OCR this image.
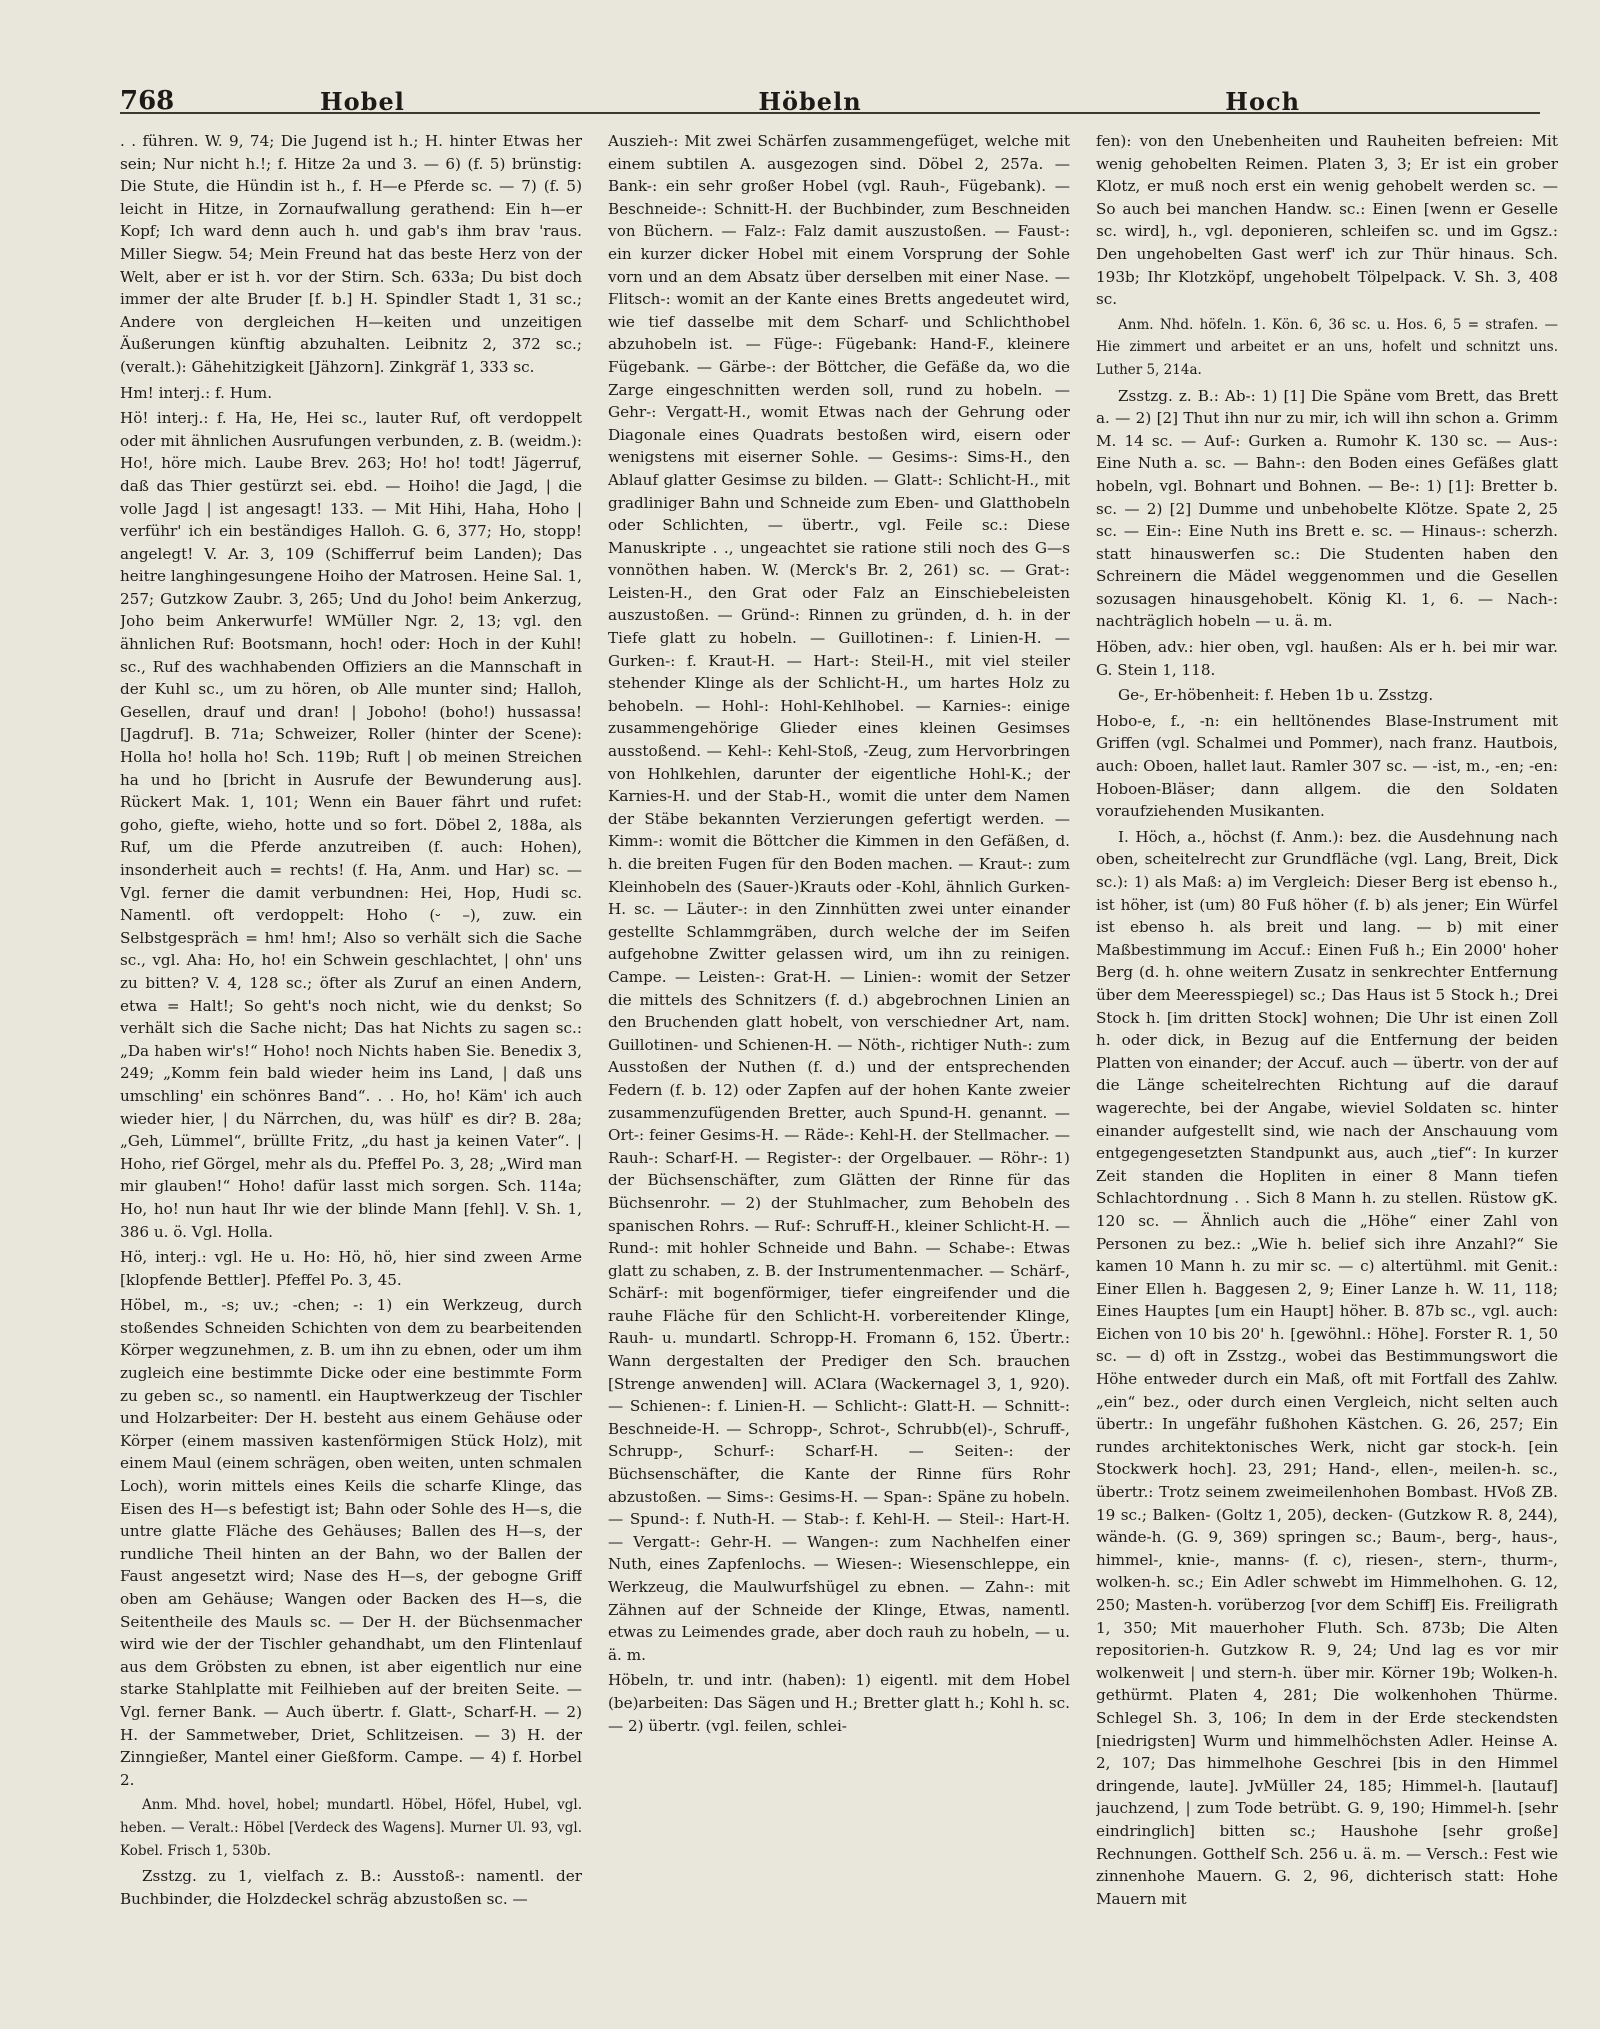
768	Hobel	Höbeln	Hoch

. . führen. W. 9, 74; Die Jugend ist h.; H. hinter Etwas her sein; Nur nicht h.!; f. Hitze 2a und 3. — 6) (f. 5) brünstig: Die Stute, die Hündin ist h., f. H—e Pferde sc. — 7) (f. 5) leicht in Hitze, in Zornaufwallung gerathend: Ein h—er Kopf; Ich ward denn auch h. und gab's ihm brav 'raus. Miller Siegw. 54; Mein Freund hat das beste Herz von der Welt, aber er ist h. vor der Stirn. Sch. 633a; Du bist doch immer der alte Bruder [f. b.] H. Spindler Stadt 1, 31 sc.; Andere von dergleichen H—keiten und unzeitigen Äußerungen künftig abzuhalten. Leibnitz 2, 372 sc.; (veralt.): Gähehitzigkeit [Jähzorn]. Zinkgräf 1, 333 sc.

Hm! interj.: f. Hum.

Hö! interj.: f. Ha, He, Hei sc., lauter Ruf, oft verdoppelt oder mit ähnlichen Ausrufungen verbunden, z. B. (weidm.): Ho!, höre mich. Laube Brev. 263; Ho! ho! todt! Jägerruf, daß das Thier gestürzt sei. ebd. — Hoiho! die Jagd, | die volle Jagd | ist angesagt! 133. — Mit Hihi, Haha, Hoho | verführ' ich ein beständiges Halloh. G. 6, 377; Ho, stopp! angelegt! V. Ar. 3, 109 (Schifferruf beim Landen); Das heitre langhingesungene Hoiho der Matrosen. Heine Sal. 1, 257; Gutzkow Zaubr. 3, 265; Und du Joho! beim Ankerzug, Joho beim Ankerwurfe! WMüller Ngr. 2, 13; vgl. den ähnlichen Ruf: Bootsmann, hoch! oder: Hoch in der Kuhl! sc., Ruf des wachhabenden Offiziers an die Mannschaft in der Kuhl sc., um zu hören, ob Alle munter sind; Halloh, Gesellen, drauf und dran! | Joboho! (boho!) hussassa! [Jagdruf]. B. 71a; Schweizer, Roller (hinter der Scene): Holla ho! holla ho! Sch. 119b; Ruft | ob meinen Streichen ha und ho [bricht in Ausrufe der Bewunderung aus]. Rückert Mak. 1, 101; Wenn ein Bauer fährt und rufet: goho, giefte, wieho, hotte und so fort. Döbel 2, 188a, als Ruf, um die Pferde anzutreiben (f. auch: Hohen), insonderheit auch = rechts! (f. Ha, Anm. und Har) sc. — Vgl. ferner die damit verbundnen: Hei, Hop, Hudi sc. Namentl. oft verdoppelt: Hoho (⏑ –), zuw. ein Selbstgespräch = hm! hm!; Also so verhält sich die Sache sc., vgl. Aha: Ho, ho! ein Schwein geschlachtet, | ohn' uns zu bitten? V. 4, 128 sc.; öfter als Zuruf an einen Andern, etwa = Halt!; So geht's noch nicht, wie du denkst; So verhält sich die Sache nicht; Das hat Nichts zu sagen sc.: „Da haben wir's!“ Hoho! noch Nichts haben Sie. Benedix 3, 249; „Komm fein bald wieder heim ins Land, | daß uns umschling' ein schönres Band“. . . Ho, ho! Käm' ich auch wieder hier, | du Närrchen, du, was hülf' es dir? B. 28a; „Geh, Lümmel“, brüllte Fritz, „du hast ja keinen Vater“. | Hoho, rief Görgel, mehr als du. Pfeffel Po. 3, 28; „Wird man mir glauben!“ Hoho! dafür lasst mich sorgen. Sch. 114a; Ho, ho! nun haut Ihr wie der blinde Mann [fehl]. V. Sh. 1, 386 u. ö. Vgl. Holla.

Hö, interj.: vgl. He u. Ho: Hö, hö, hier sind zween Arme [klopfende Bettler]. Pfeffel Po. 3, 45.

Höbel, m., -s; uv.; -chen; -: 1) ein Werkzeug, durch stoßendes Schneiden Schichten von dem zu bearbeitenden Körper wegzunehmen, z. B. um ihn zu ebnen, oder um ihm zugleich eine bestimmte Dicke oder eine bestimmte Form zu geben sc., so namentl. ein Hauptwerkzeug der Tischler und Holzarbeiter: Der H. besteht aus einem Gehäuse oder Körper (einem massiven kastenförmigen Stück Holz), mit einem Maul (einem schrägen, oben weiten, unten schmalen Loch), worin mittels eines Keils die scharfe Klinge, das Eisen des H—s befestigt ist; Bahn oder Sohle des H—s, die untre glatte Fläche des Gehäuses; Ballen des H—s, der rundliche Theil hinten an der Bahn, wo der Ballen der Faust angesetzt wird; Nase des H—s, der gebogne Griff oben am Gehäuse; Wangen oder Backen des H—s, die Seitentheile des Mauls sc. — Der H. der Büchsenmacher wird wie der der Tischler gehandhabt, um den Flintenlauf aus dem Gröbsten zu ebnen, ist aber eigentlich nur eine starke Stahlplatte mit Feilhieben auf der breiten Seite. — Vgl. ferner Bank. — Auch übertr. f. Glatt-, Scharf-H. — 2) H. der Sammetweber, Driet, Schlitzeisen. — 3) H. der Zinngießer, Mantel einer Gießform. Campe. — 4) f. Horbel 2.

Anm. Mhd. hovel, hobel; mundartl. Höbel, Höfel, Hubel, vgl. heben. — Veralt.: Höbel [Verdeck des Wagens]. Murner Ul. 93, vgl. Kobel. Frisch 1, 530b.

Zsstzg. zu 1, vielfach z. B.: Ausstoß-: namentl. der Buchbinder, die Holzdeckel schräg abzustoßen sc. —

Auszieh-: Mit zwei Schärfen zusammengefüget, welche mit einem subtilen A. ausgezogen sind. Döbel 2, 257a. — Bank-: ein sehr großer Hobel (vgl. Rauh-, Fügebank). — Beschneide-: Schnitt-H. der Buchbinder, zum Beschneiden von Büchern. — Falz-: Falz damit auszustoßen. — Faust-: ein kurzer dicker Hobel mit einem Vorsprung der Sohle vorn und an dem Absatz über derselben mit einer Nase. — Flitsch-: womit an der Kante eines Bretts angedeutet wird, wie tief dasselbe mit dem Scharf- und Schlichthobel abzuhobeln ist. — Füge-: Fügebank: Hand-F., kleinere Fügebank. — Gärbe-: der Böttcher, die Gefäße da, wo die Zarge eingeschnitten werden soll, rund zu hobeln. — Gehr-: Vergatt-H., womit Etwas nach der Gehrung oder Diagonale eines Quadrats bestoßen wird, eisern oder wenigstens mit eiserner Sohle. — Gesims-: Sims-H., den Ablauf glatter Gesimse zu bilden. — Glatt-: Schlicht-H., mit gradliniger Bahn und Schneide zum Eben- und Glatthobeln oder Schlichten, — übertr., vgl. Feile sc.: Diese Manuskripte . ., ungeachtet sie ratione stili noch des G—s vonnöthen haben. W. (Merck's Br. 2, 261) sc. — Grat-: Leisten-H., den Grat oder Falz an Einschiebeleisten auszustoßen. — Gründ-: Rinnen zu gründen, d. h. in der Tiefe glatt zu hobeln. — Guillotinen-: f. Linien-H. — Gurken-: f. Kraut-H. — Hart-: Steil-H., mit viel steiler stehender Klinge als der Schlicht-H., um hartes Holz zu behobeln. — Hohl-: Hohl-Kehlhobel. — Karnies-: einige zusammengehörige Glieder eines kleinen Gesimses ausstoßend. — Kehl-: Kehl-Stoß, -Zeug, zum Hervorbringen von Hohlkehlen, darunter der eigentliche Hohl-K.; der Karnies-H. und der Stab-H., womit die unter dem Namen der Stäbe bekannten Verzierungen gefertigt werden. — Kimm-: womit die Böttcher die Kimmen in den Gefäßen, d. h. die breiten Fugen für den Boden machen. — Kraut-: zum Kleinhobeln des (Sauer-)Krauts oder -Kohl, ähnlich Gurken-H. sc. — Läuter-: in den Zinnhütten zwei unter einander gestellte Schlammgräben, durch welche der im Seifen aufgehobne Zwitter gelassen wird, um ihn zu reinigen. Campe. — Leisten-: Grat-H. — Linien-: womit der Setzer die mittels des Schnitzers (f. d.) abgebrochnen Linien an den Bruchenden glatt hobelt, von verschiedner Art, nam. Guillotinen- und Schienen-H. — Nöth-, richtiger Nuth-: zum Ausstoßen der Nuthen (f. d.) und der entsprechenden Federn (f. b. 12) oder Zapfen auf der hohen Kante zweier zusammenzufügenden Bretter, auch Spund-H. genannt. — Ort-: feiner Gesims-H. — Räde-: Kehl-H. der Stellmacher. — Rauh-: Scharf-H. — Register-: der Orgelbauer. — Röhr-: 1) der Büchsenschäfter, zum Glätten der Rinne für das Büchsenrohr. — 2) der Stuhlmacher, zum Behobeln des spanischen Rohrs. — Ruf-: Schruff-H., kleiner Schlicht-H. — Rund-: mit hohler Schneide und Bahn. — Schabe-: Etwas glatt zu schaben, z. B. der Instrumentenmacher. — Schärf-, Schärf-: mit bogenförmiger, tiefer eingreifender und die rauhe Fläche für den Schlicht-H. vorbereitender Klinge, Rauh- u. mundartl. Schropp-H. Fromann 6, 152. Übertr.: Wann dergestalten der Prediger den Sch. brauchen [Strenge anwenden] will. AClara (Wackernagel 3, 1, 920). — Schienen-: f. Linien-H. — Schlicht-: Glatt-H. — Schnitt-: Beschneide-H. — Schropp-, Schrot-, Schrubb(el)-, Schruff-, Schrupp-, Schurf-: Scharf-H. — Seiten-: der Büchsenschäfter, die Kante der Rinne fürs Rohr abzustoßen. — Sims-: Gesims-H. — Span-: Späne zu hobeln. — Spund-: f. Nuth-H. — Stab-: f. Kehl-H. — Steil-: Hart-H. — Vergatt-: Gehr-H. — Wangen-: zum Nachhelfen einer Nuth, eines Zapfenlochs. — Wiesen-: Wiesenschleppe, ein Werkzeug, die Maulwurfshügel zu ebnen. — Zahn-: mit Zähnen auf der Schneide der Klinge, Etwas, namentl. etwas zu Leimendes grade, aber doch rauh zu hobeln, — u. ä. m.

Höbeln, tr. und intr. (haben): 1) eigentl. mit dem Hobel (be)arbeiten: Das Sägen und H.; Bretter glatt h.; Kohl h. sc. — 2) übertr. (vgl. feilen, schlei-

fen): von den Unebenheiten und Rauheiten befreien: Mit wenig gehobelten Reimen. Platen 3, 3; Er ist ein grober Klotz, er muß noch erst ein wenig gehobelt werden sc. — So auch bei manchen Handw. sc.: Einen [wenn er Geselle sc. wird], h., vgl. deponieren, schleifen sc. und im Ggsz.: Den ungehobelten Gast werf' ich zur Thür hinaus. Sch. 193b; Ihr Klotzköpf, ungehobelt Tölpelpack. V. Sh. 3, 408 sc.

Anm. Nhd. höfeln. 1. Kön. 6, 36 sc. u. Hos. 6, 5 = strafen. — Hie zimmert und arbeitet er an uns, hofelt und schnitzt uns. Luther 5, 214a.

Zsstzg. z. B.: Ab-: 1) [1] Die Späne vom Brett, das Brett a. — 2) [2] Thut ihn nur zu mir, ich will ihn schon a. Grimm M. 14 sc. — Auf-: Gurken a. Rumohr K. 130 sc. — Aus-: Eine Nuth a. sc. — Bahn-: den Boden eines Gefäßes glatt hobeln, vgl. Bohnart und Bohnen. — Be-: 1) [1]: Bretter b. sc. — 2) [2] Dumme und unbehobelte Klötze. Spate 2, 25 sc. — Ein-: Eine Nuth ins Brett e. sc. — Hinaus-: scherzh. statt hinauswerfen sc.: Die Studenten haben den Schreinern die Mädel weggenommen und die Gesellen sozusagen hinausgehobelt. König Kl. 1, 6. — Nach-: nachträglich hobeln — u. ä. m.

Höben, adv.: hier oben, vgl. haußen: Als er h. bei mir war. G. Stein 1, 118.

Ge-, Er-höbenheit: f. Heben 1b u. Zsstzg.

Hobo-e, f., -n: ein helltönendes Blase-Instrument mit Griffen (vgl. Schalmei und Pommer), nach franz. Hautbois, auch: Oboen, hallet laut. Ramler 307 sc. — -ist, m., -en; -en: Hoboen-Bläser; dann allgem. die den Soldaten voraufziehenden Musikanten.

I. Höch, a., höchst (f. Anm.): bez. die Ausdehnung nach oben, scheitelrecht zur Grundfläche (vgl. Lang, Breit, Dick sc.): 1) als Maß: a) im Vergleich: Dieser Berg ist ebenso h., ist höher, ist (um) 80 Fuß höher (f. b) als jener; Ein Würfel ist ebenso h. als breit und lang. — b) mit einer Maßbestimmung im Accuf.: Einen Fuß h.; Ein 2000' hoher Berg (d. h. ohne weitern Zusatz in senkrechter Entfernung über dem Meeresspiegel) sc.; Das Haus ist 5 Stock h.; Drei Stock h. [im dritten Stock] wohnen; Die Uhr ist einen Zoll h. oder dick, in Bezug auf die Entfernung der beiden Platten von einander; der Accuf. auch — übertr. von der auf die Länge scheitelrechten Richtung auf die darauf wagerechte, bei der Angabe, wieviel Soldaten sc. hinter einander aufgestellt sind, wie nach der Anschauung vom entgegengesetzten Standpunkt aus, auch „tief“: In kurzer Zeit standen die Hopliten in einer 8 Mann tiefen Schlachtordnung . . Sich 8 Mann h. zu stellen. Rüstow gK. 120 sc. — Ähnlich auch die „Höhe“ einer Zahl von Personen zu bez.: „Wie h. belief sich ihre Anzahl?“ Sie kamen 10 Mann h. zu mir sc. — c) altertühml. mit Genit.: Einer Ellen h. Baggesen 2, 9; Einer Lanze h. W. 11, 118; Eines Hauptes [um ein Haupt] höher. B. 87b sc., vgl. auch: Eichen von 10 bis 20' h. [gewöhnl.: Höhe]. Forster R. 1, 50 sc. — d) oft in Zsstzg., wobei das Bestimmungswort die Höhe entweder durch ein Maß, oft mit Fortfall des Zahlw. „ein“ bez., oder durch einen Vergleich, nicht selten auch übertr.: In ungefähr fußhohen Kästchen. G. 26, 257; Ein rundes architektonisches Werk, nicht gar stock-h. [ein Stockwerk hoch]. 23, 291; Hand-, ellen-, meilen-h. sc., übertr.: Trotz seinem zweimeilenhohen Bombast. HVoß ZB. 19 sc.; Balken- (Goltz 1, 205), decken- (Gutzkow R. 8, 244), wände-h. (G. 9, 369) springen sc.; Baum-, berg-, haus-, himmel-, knie-, manns- (f. c), riesen-, stern-, thurm-, wolken-h. sc.; Ein Adler schwebt im Himmelhohen. G. 12, 250; Masten-h. vorüberzog [vor dem Schiff] Eis. Freiligrath 1, 350; Mit mauerhoher Fluth. Sch. 873b; Die Alten repositorien-h. Gutzkow R. 9, 24; Und lag es vor mir wolkenweit | und stern-h. über mir. Körner 19b; Wolken-h. gethürmt. Platen 4, 281; Die wolkenhohen Thürme. Schlegel Sh. 3, 106; In dem in der Erde steckendsten [niedrigsten] Wurm und himmelhöchsten Adler. Heinse A. 2, 107; Das himmelhohe Geschrei [bis in den Himmel dringende, laute]. JvMüller 24, 185; Himmel-h. [lautauf] jauchzend, | zum Tode betrübt. G. 9, 190; Himmel-h. [sehr eindringlich] bitten sc.; Haushohe [sehr große] Rechnungen. Gotthelf Sch. 256 u. ä. m. — Versch.: Fest wie zinnenhohe Mauern. G. 2, 96, dichterisch statt: Hohe Mauern mit
